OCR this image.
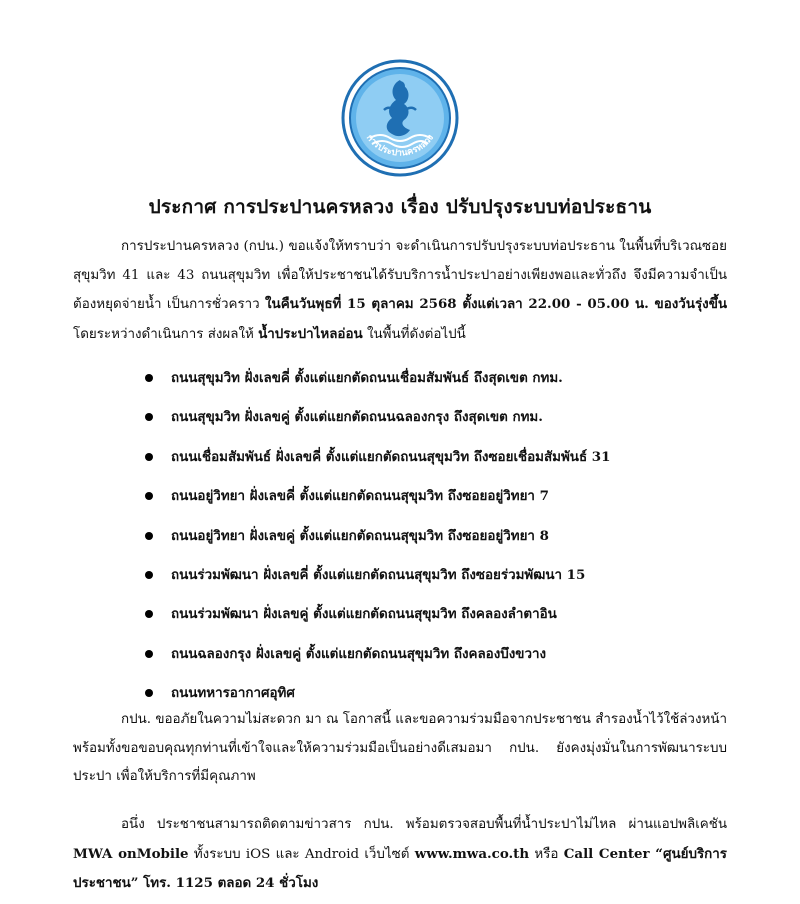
การประปานครหลวง
ประกาศ การประปานครหลวง เรื่อง ปรับปรุงระบบท่อประธาน
การประปานครหลวง (กปน.) ขอแจ้งให้ทราบว่า จะดำเนินการปรับปรุงระบบท่อประธาน ในพื้นที่บริเวณซอยสุขุมวิท 41 และ 43 ถนนสุขุมวิท เพื่อให้ประชาชนได้รับบริการน้ำประปาอย่างเพียงพอและทั่วถึง จึงมีความจำเป็นต้องหยุดจ่ายน้ำ เป็นการชั่วคราว ในคืนวันพุธที่ 15 ตุลาคม 2568 ตั้งแต่เวลา 22.00 - 05.00 น. ของวันรุ่งขึ้น โดยระหว่างดำเนินการ ส่งผลให้ น้ำประปาไหลอ่อน ในพื้นที่ดังต่อไปนี้
ถนนสุขุมวิท ฝั่งเลขคี่ ตั้งแต่แยกตัดถนนเชื่อมสัมพันธ์ ถึงสุดเขต กทม.
ถนนสุขุมวิท ฝั่งเลขคู่ ตั้งแต่แยกตัดถนนฉลองกรุง ถึงสุดเขต กทม.
ถนนเชื่อมสัมพันธ์ ฝั่งเลขคี่ ตั้งแต่แยกตัดถนนสุขุมวิท ถึงซอยเชื่อมสัมพันธ์ 31
ถนนอยู่วิทยา ฝั่งเลขคี่ ตั้งแต่แยกตัดถนนสุขุมวิท ถึงซอยอยู่วิทยา 7
ถนนอยู่วิทยา ฝั่งเลขคู่ ตั้งแต่แยกตัดถนนสุขุมวิท ถึงซอยอยู่วิทยา 8
ถนนร่วมพัฒนา ฝั่งเลขคี่ ตั้งแต่แยกตัดถนนสุขุมวิท ถึงซอยร่วมพัฒนา 15
ถนนร่วมพัฒนา ฝั่งเลขคู่ ตั้งแต่แยกตัดถนนสุขุมวิท ถึงคลองลำตาอิน
ถนนฉลองกรุง ฝั่งเลขคู่ ตั้งแต่แยกตัดถนนสุขุมวิท ถึงคลองบึงขวาง
ถนนทหารอากาศอุทิศ
กปน. ขออภัยในความไม่สะดวก มา ณ โอกาสนี้ และขอความร่วมมือจากประชาชน สำรองน้ำไว้ใช้ล่วงหน้า พร้อมทั้งขอขอบคุณทุกท่านที่เข้าใจและให้ความร่วมมือเป็นอย่างดีเสมอมา กปน. ยังคงมุ่งมั่นในการพัฒนาระบบประปา เพื่อให้บริการที่มีคุณภาพ
อนึ่ง ประชาชนสามารถติดตามข่าวสาร กปน. พร้อมตรวจสอบพื้นที่น้ำประปาไม่ไหล ผ่านแอปพลิเคชัน MWA onMobile ทั้งระบบ iOS และ Android เว็บไซต์ www.mwa.co.th หรือ Call Center “ศูนย์บริการประชาชน” โทร. 1125 ตลอด 24 ชั่วโมง
